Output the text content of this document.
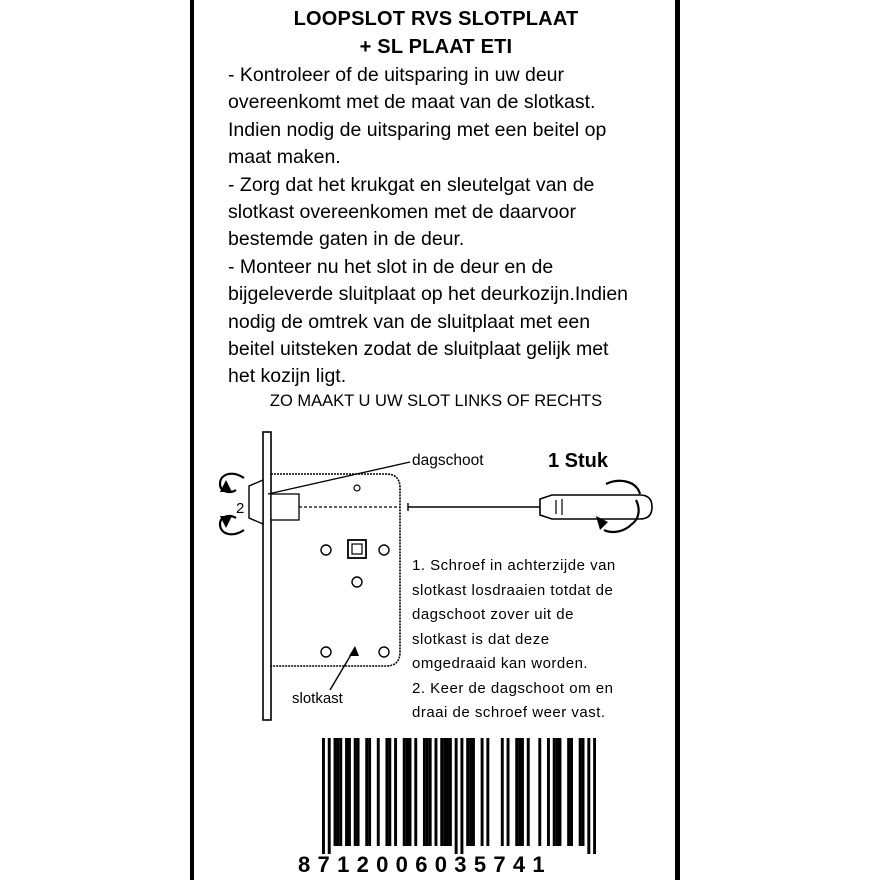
LOOPSLOT RVS SLOTPLAAT
+ SL PLAAT ETI
- Kontroleer of de uitsparing in uw deur
overeenkomt met de maat van de slotkast.
Indien nodig de uitsparing met een beitel op
maat maken.
- Zorg dat het krukgat en sleutelgat van de
slotkast overeenkomen met de daarvoor
bestemde gaten in de deur.
- Monteer nu het slot in de deur en de
bijgeleverde sluitplaat op het deurkozijn.Indien
nodig de omtrek van de sluitplaat met een
beitel uitsteken zodat de sluitplaat gelijk met
het kozijn ligt.
ZO MAAKT U UW SLOT LINKS OF RECHTS
dagschoot	1 Stuk
2
slotkast
1. Schroef in achterzijde van
slotkast losdraaien totdat de
dagschoot zover uit de
slotkast is dat deze
omgedraaid kan worden.
2. Keer de dagschoot om en
draai de schroef weer vast.
8712006035741
